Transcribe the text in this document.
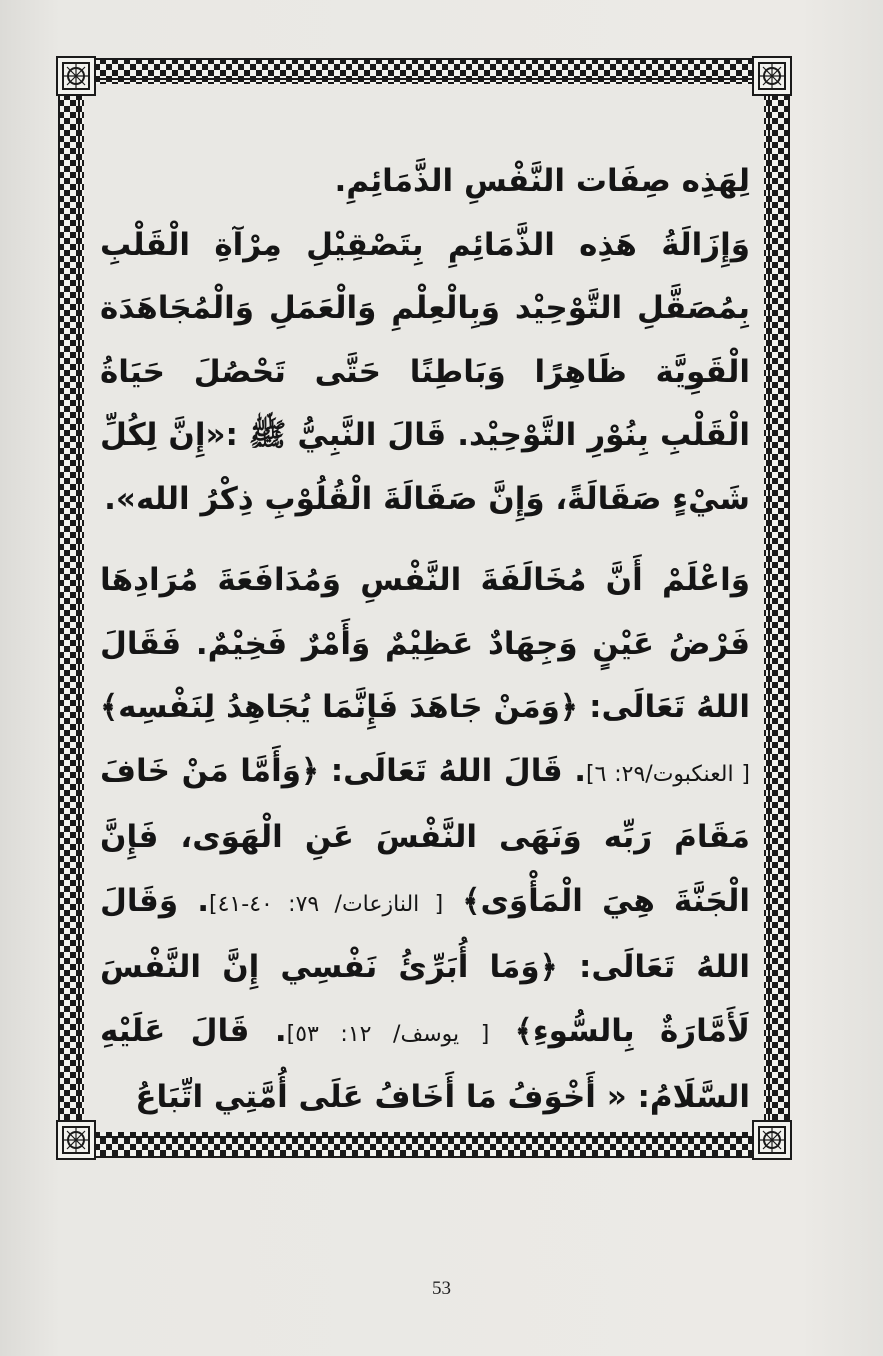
لِهَذِه صِفَات النَّفْسِ الذَّمَائِمِ.

وَإِزَالَةُ هَذِه الذَّمَائِمِ بِتَصْقِيْلِ مِرْآةِ الْقَلْبِ بِمُصَقَّلِ التَّوْحِيْد وَبِالْعِلْمِ وَالْعَمَلِ وَالْمُجَاهَدَة الْقَوِيَّة ظَاهِرًا وَبَاطِنًا حَتَّى تَحْصُلَ حَيَاةُ الْقَلْبِ بِنُوْرِ التَّوْحِيْد. قَالَ النَّبِيُّ ﷺ :«إِنَّ لِكُلِّ شَيْءٍ صَقَالَةً، وَإِنَّ صَقَالَةَ الْقُلُوْبِ ذِكْرُ الله».

وَاعْلَمْ أَنَّ مُخَالَفَةَ النَّفْسِ وَمُدَافَعَةَ مُرَادِهَا فَرْضُ عَيْنٍ وَجِهَادٌ عَظِيْمٌ وَأَمْرٌ فَخِيْمٌ. فَقَالَ اللهُ تَعَالَى: ﴿وَمَنْ جَاهَدَ فَإِنَّمَا يُجَاهِدُ لِنَفْسِه﴾ [ العنكبوت/٢٩: ٦]. قَالَ اللهُ تَعَالَى: ﴿وَأَمَّا مَنْ خَافَ مَقَامَ رَبِّه وَنَهَى النَّفْسَ عَنِ الْهَوَى، فَإِنَّ الْجَنَّةَ هِيَ الْمَأْوَى﴾ [ النازعات/ ٧٩: ٤٠-٤١]. وَقَالَ اللهُ تَعَالَى: ﴿وَمَا أُبَرِّئُ نَفْسِي إِنَّ النَّفْسَ لَأَمَّارَةٌ بِالسُّوءِ﴾ [ يوسف/ ١٢: ٥٣]. قَالَ عَلَيْهِ السَّلَامُ: « أَخْوَفُ مَا أَخَافُ عَلَى أُمَّتِي اتِّبَاعُ

53
